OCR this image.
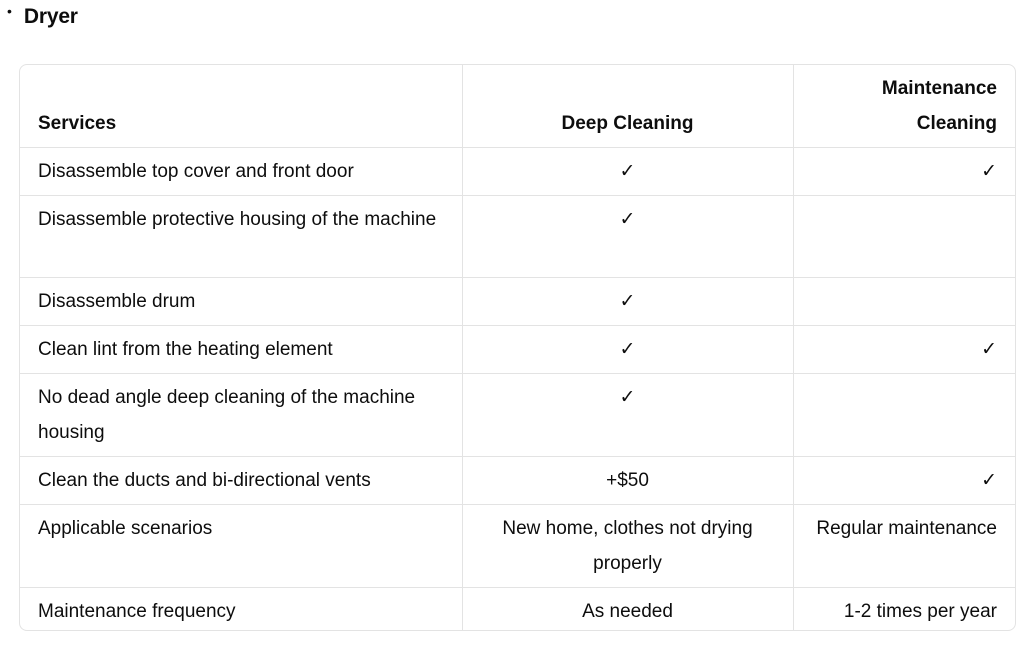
• Dryer
Services	Deep Cleaning	Maintenance Cleaning
Disassemble top cover and front door	✓	✓
Disassemble protective housing of the machine	✓	
Disassemble drum	✓	
Clean lint from the heating element	✓	✓
No dead angle deep cleaning of the machine housing	✓	
Clean the ducts and bi-directional vents	+$50	✓
Applicable scenarios	New home, clothes not drying properly	Regular maintenance
Maintenance frequency	As needed	1-2 times per year
